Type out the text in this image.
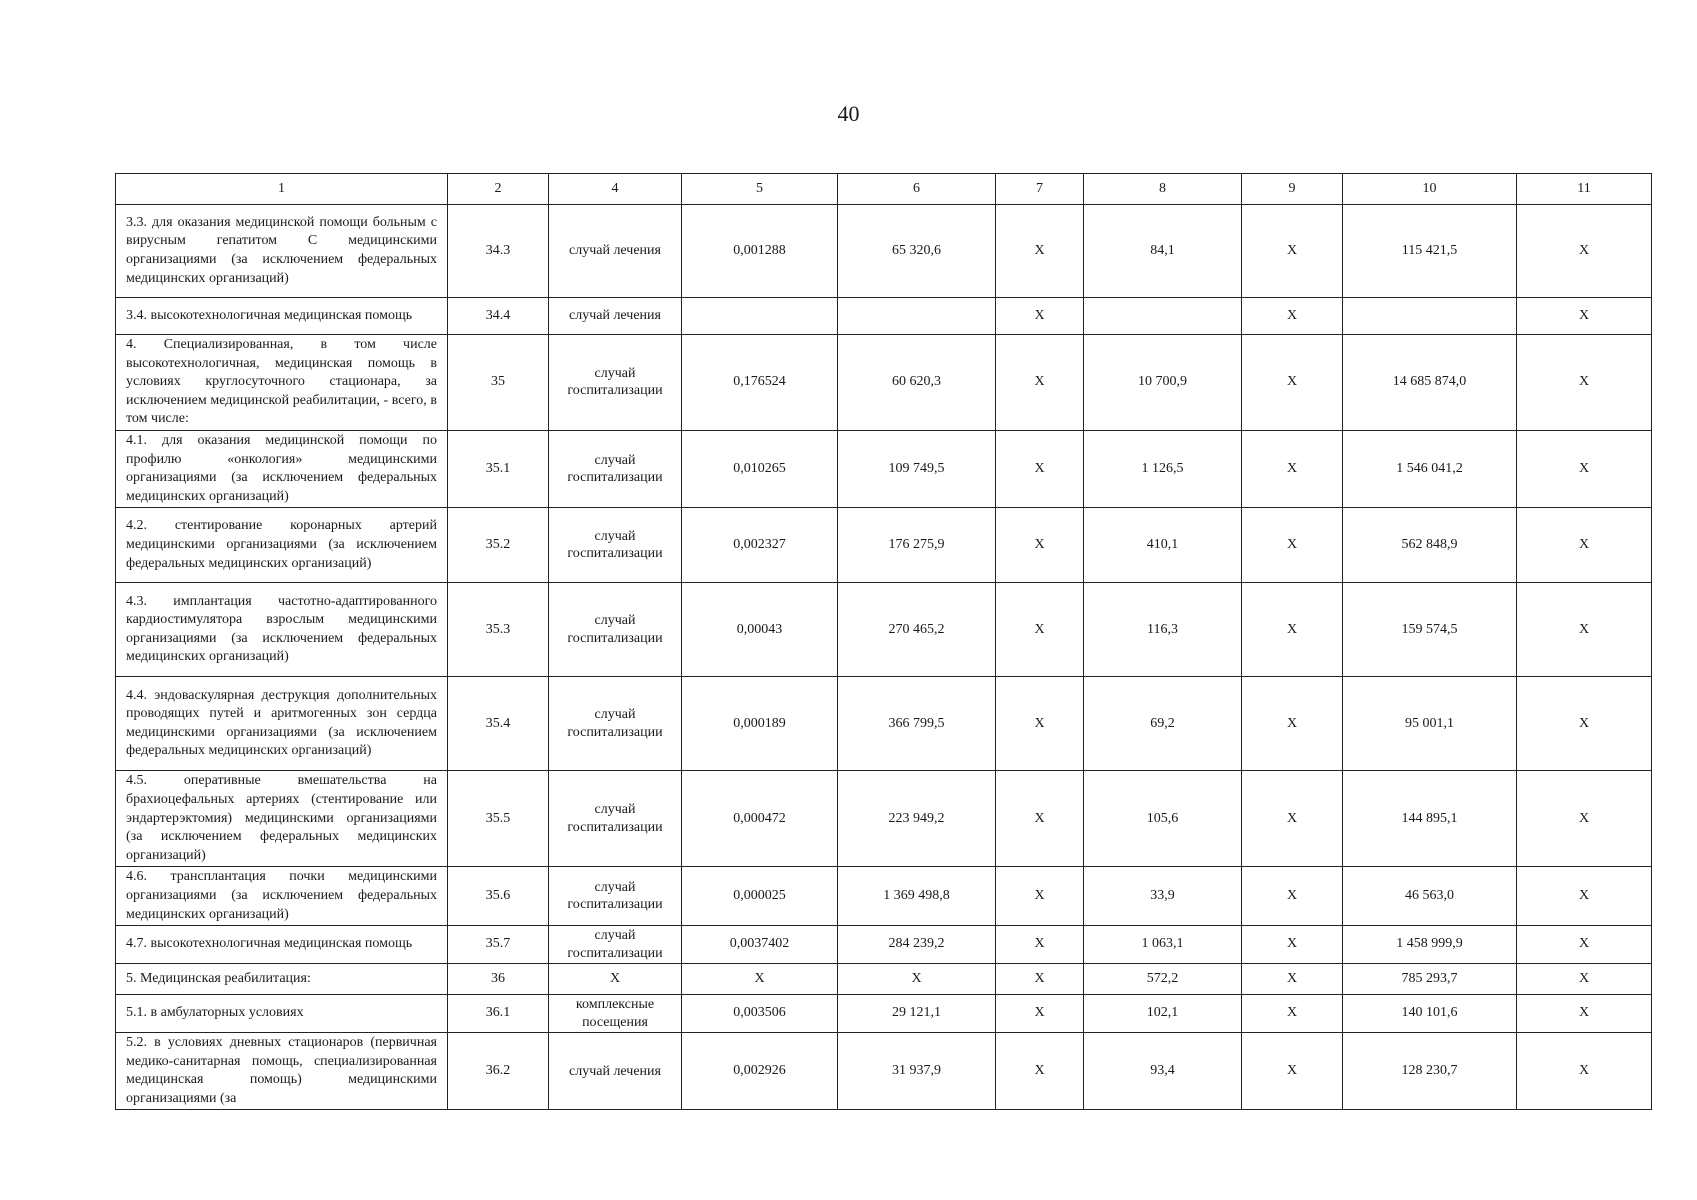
40
1	2	4	5	6	7	8	9	10	11
3.3. для оказания медицинской помощи больным с вирусным гепатитом С медицинскими организациями (за исключением федеральных медицинских организаций)	34.3	случай лечения	0,001288	65 320,6	Х	84,1	Х	115 421,5	Х
3.4. высокотехнологичная медицинская помощь	34.4	случай лечения			Х		Х		Х
4. Специализированная, в том числе высокотехнологичная, медицинская помощь в условиях круглосуточного стационара, за исключением медицинской реабилитации, - всего, в том числе:	35	случай госпитализации	0,176524	60 620,3	Х	10 700,9	Х	14 685 874,0	Х
4.1. для оказания медицинской помощи по профилю «онкология» медицинскими организациями (за исключением федеральных медицинских организаций)	35.1	случай госпитализации	0,010265	109 749,5	Х	1 126,5	Х	1 546 041,2	Х
4.2. стентирование коронарных артерий медицинскими организациями (за исключением федеральных медицинских организаций)	35.2	случай госпитализации	0,002327	176 275,9	Х	410,1	Х	562 848,9	Х
4.3. имплантация частотно-адаптированного кардиостимулятора взрослым медицинскими организациями (за исключением федеральных медицинских организаций)	35.3	случай госпитализации	0,00043	270 465,2	Х	116,3	Х	159 574,5	Х
4.4. эндоваскулярная деструкция дополнительных проводящих путей и аритмогенных зон сердца медицинскими организациями (за исключением федеральных медицинских организаций)	35.4	случай госпитализации	0,000189	366 799,5	Х	69,2	Х	95 001,1	Х
4.5. оперативные вмешательства на брахиоцефальных артериях (стентирование или эндартерэктомия) медицинскими организациями (за исключением федеральных медицинских организаций)	35.5	случай госпитализации	0,000472	223 949,2	Х	105,6	Х	144 895,1	Х
4.6. трансплантация почки медицинскими организациями (за исключением федеральных медицинских организаций)	35.6	случай госпитализации	0,000025	1 369 498,8	Х	33,9	Х	46 563,0	Х
4.7. высокотехнологичная медицинская помощь	35.7	случай госпитализации	0,0037402	284 239,2	Х	1 063,1	Х	1 458 999,9	Х
5. Медицинская реабилитация:	36	Х	Х	Х	Х	572,2	Х	785 293,7	Х
5.1. в амбулаторных условиях	36.1	комплексные посещения	0,003506	29 121,1	Х	102,1	Х	140 101,6	Х
5.2. в условиях дневных стационаров (первичная медико-санитарная помощь, специализированная медицинская помощь) медицинскими организациями (за	36.2	случай лечения	0,002926	31 937,9	Х	93,4	Х	128 230,7	Х
